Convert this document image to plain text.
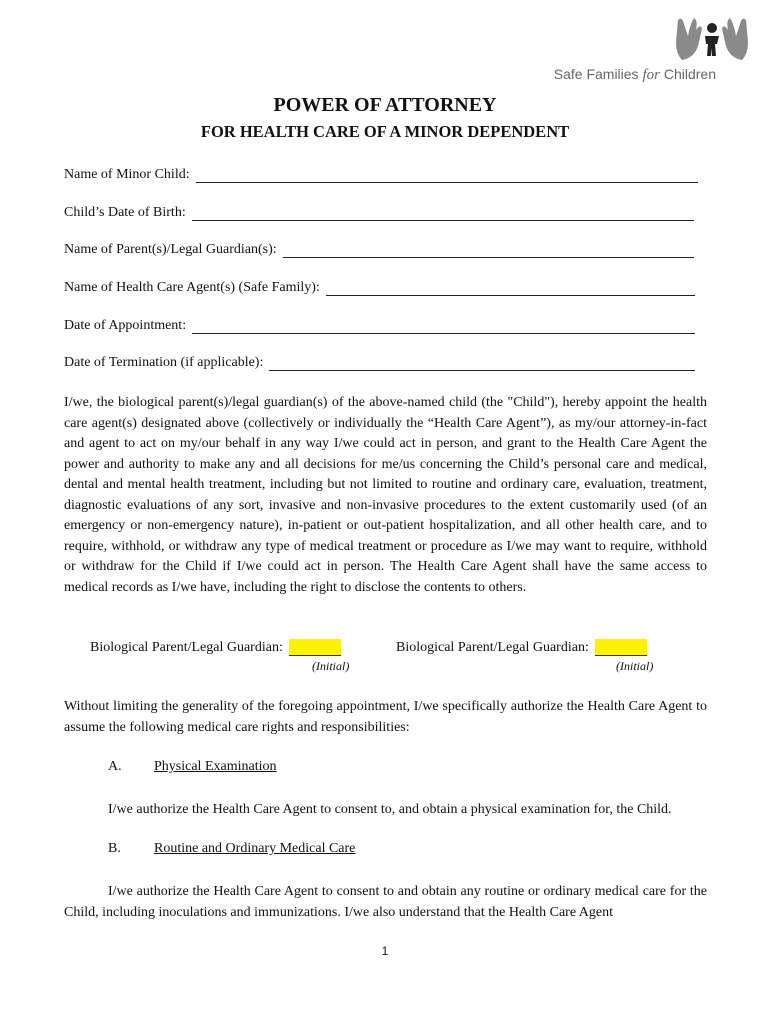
Safe Families for Children
POWER OF ATTORNEY
FOR HEALTH CARE OF A MINOR DEPENDENT
Name of Minor Child:
Child’s Date of Birth:
Name of Parent(s)/Legal Guardian(s):
Name of Health Care Agent(s) (Safe Family):
Date of Appointment:
Date of Termination (if applicable):

I/we, the biological parent(s)/legal guardian(s) of the above-named child (the "Child"), hereby appoint the health care agent(s) designated above (collectively or individually the “Health Care Agent”), as my/our attorney-in-fact and agent to act on my/our behalf in any way I/we could act in person, and grant to the Health Care Agent the power and authority to make any and all decisions for me/us concerning the Child’s personal care and medical, dental and mental health treatment, including but not limited to routine and ordinary care, evaluation, treatment, diagnostic evaluations of any sort, invasive and non-invasive procedures to the extent customarily used (of an emergency or non-emergency nature), in-patient or out-patient hospitalization, and all other health care, and to require, withhold, or withdraw any type of medical treatment or procedure as I/we may want to require, withhold or withdraw for the Child if I/we could act in person. The Health Care Agent shall have the same access to medical records as I/we have, including the right to disclose the contents to others.

Biological Parent/Legal Guardian:
(Initial)
Biological Parent/Legal Guardian:
(Initial)

Without limiting the generality of the foregoing appointment, I/we specifically authorize the Health Care Agent to assume the following medical care rights and responsibilities:

A. Physical Examination

I/we authorize the Health Care Agent to consent to, and obtain a physical examination for, the Child.

B. Routine and Ordinary Medical Care

I/we authorize the Health Care Agent to consent to and obtain any routine or ordinary medical care for the Child, including inoculations and immunizations. I/we also understand that the Health Care Agent

1
